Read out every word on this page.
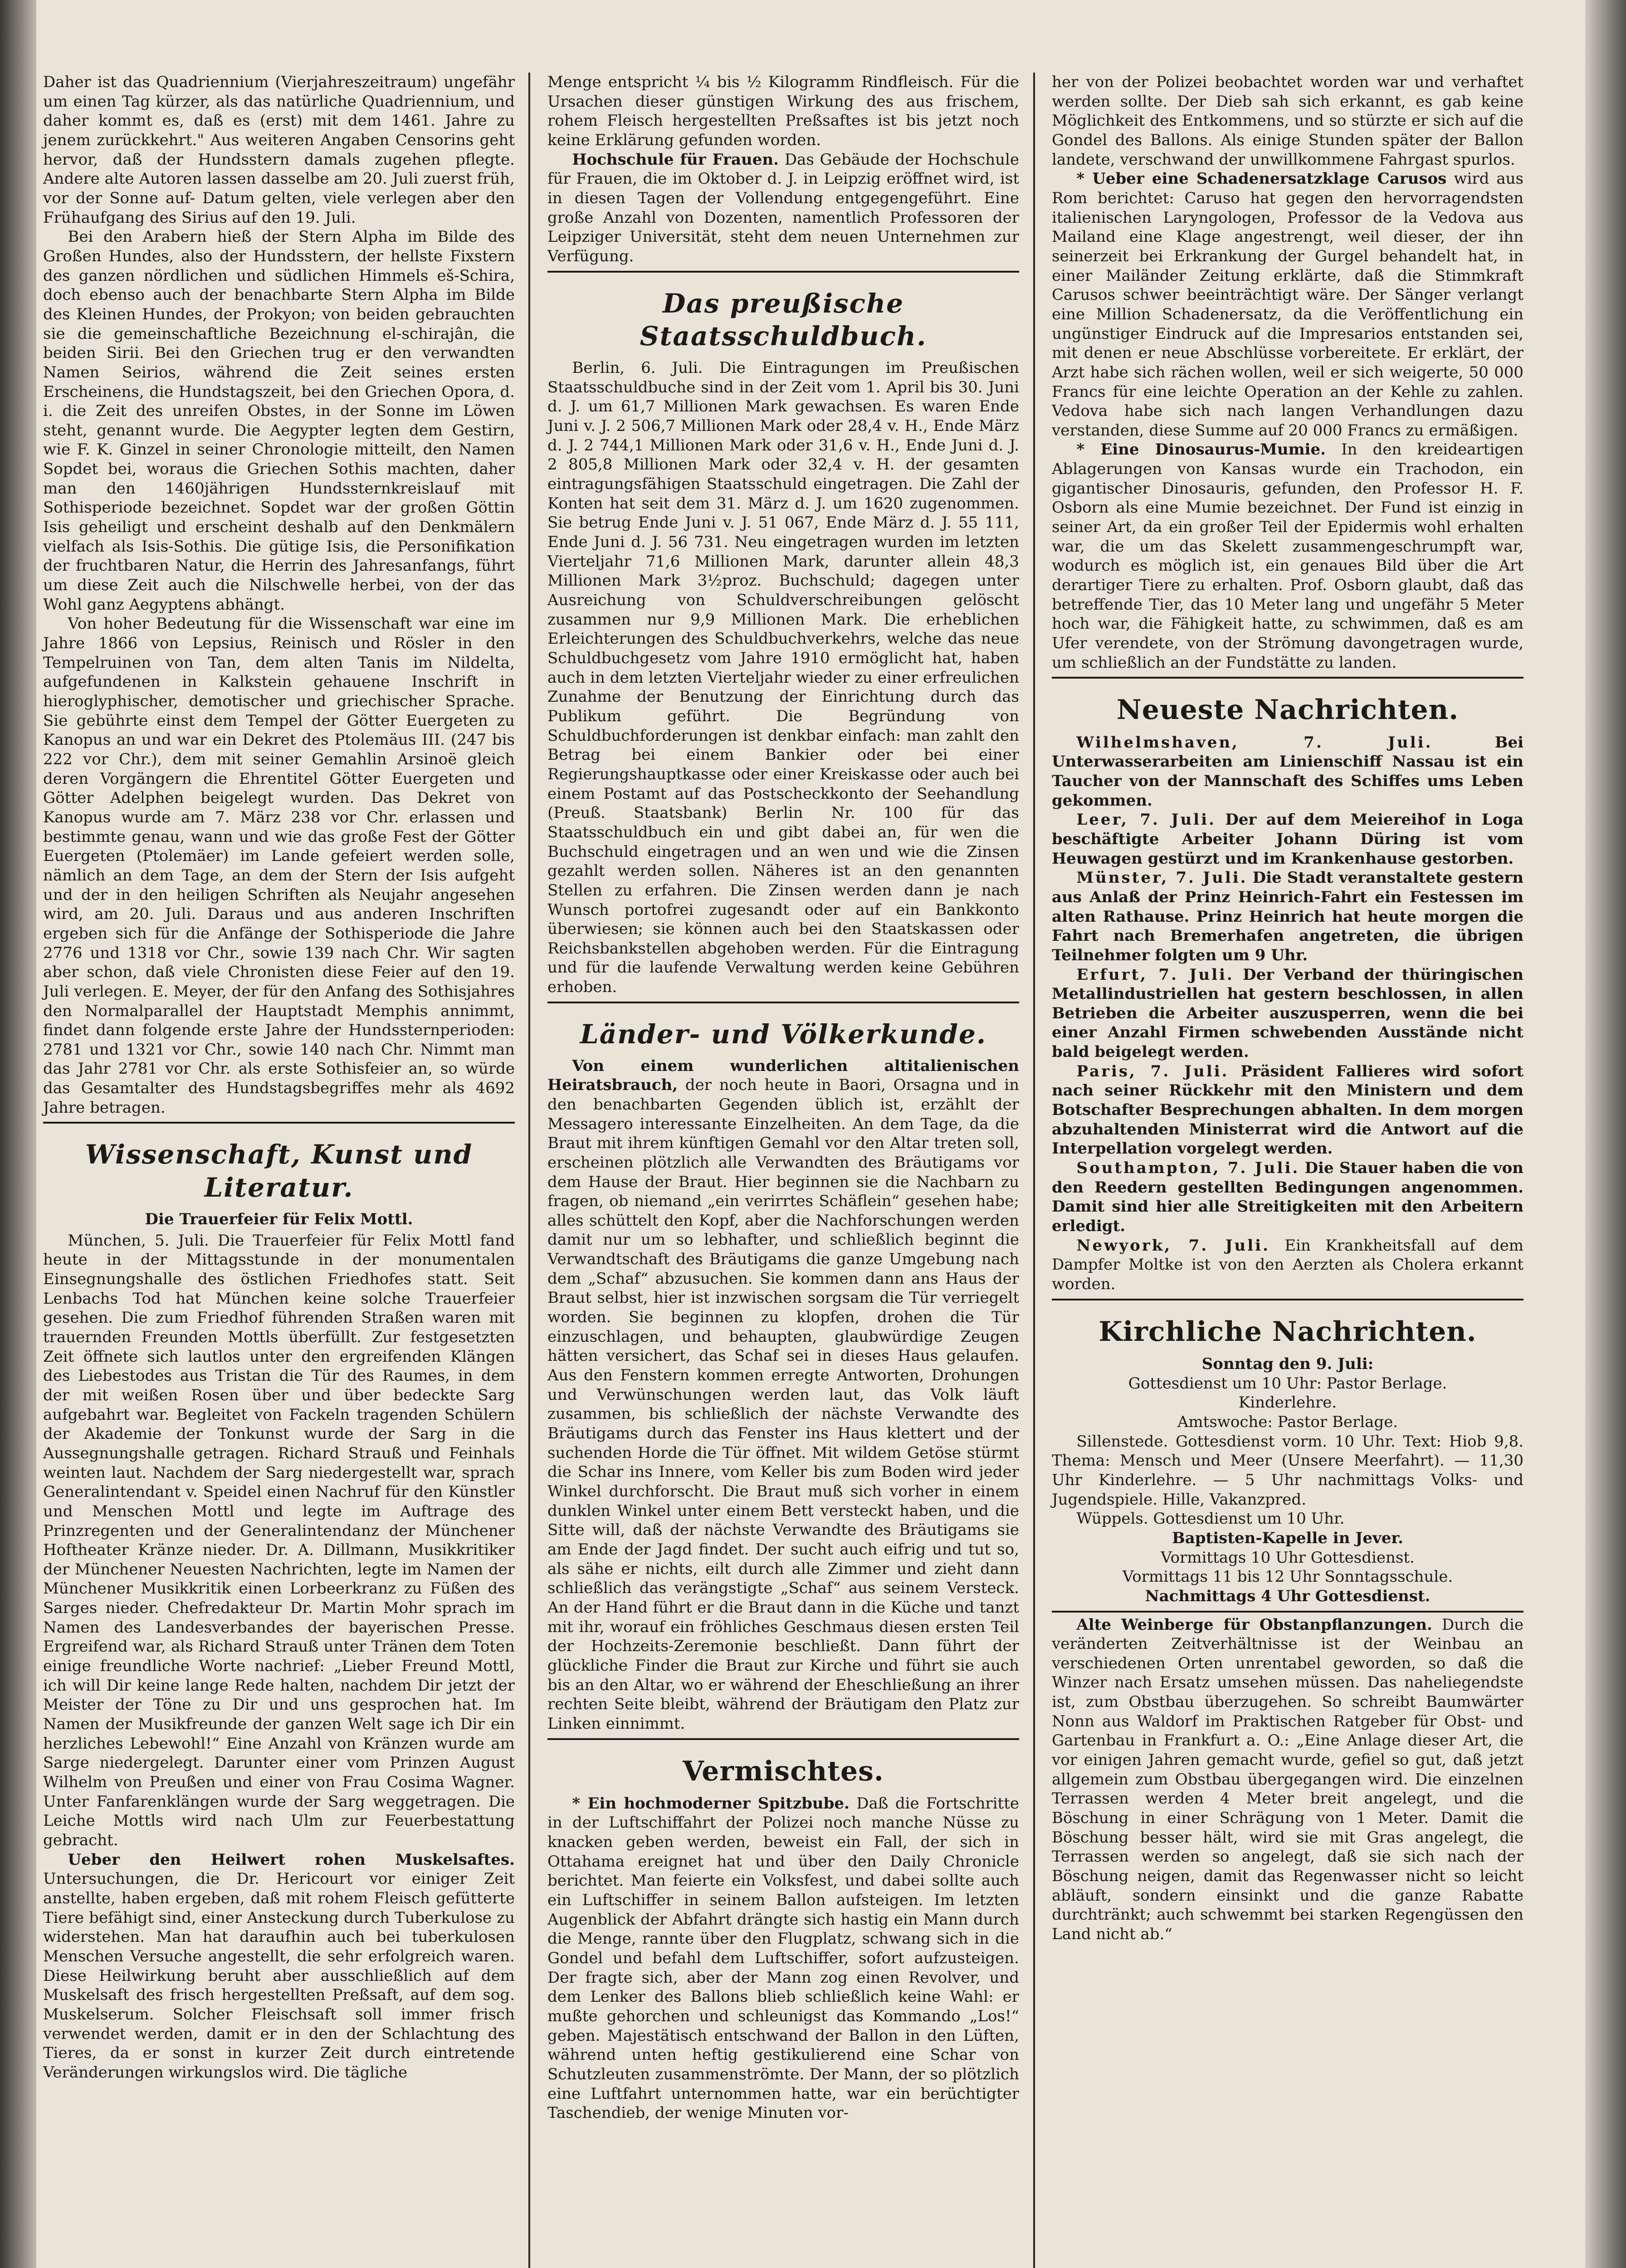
Daher ist das Quadriennium (Vierjahreszeitraum) ungefähr um einen Tag kürzer, als das natürliche Quadriennium, und daher kommt es, daß es (erst) mit dem 1461. Jahre zu jenem zurückkehrt." Aus weiteren Angaben Censorins geht hervor, daß der Hundsstern damals zugehen pflegte. Andere alte Autoren lassen dasselbe am 20. Juli zuerst früh, vor der Sonne auf- Datum gelten, viele verlegen aber den Frühaufgang des Sirius auf den 19. Juli.

Bei den Arabern hieß der Stern Alpha im Bilde des Großen Hundes, also der Hundsstern, der hellste Fixstern des ganzen nördlichen und südlichen Himmels eš-Schira, doch ebenso auch der benachbarte Stern Alpha im Bilde des Kleinen Hundes, der Prokyon; von beiden gebrauchten sie die gemeinschaftliche Bezeichnung el-schirajân, die beiden Sirii. Bei den Griechen trug er den verwandten Namen Seirios, während die Zeit seines ersten Erscheinens, die Hundstagszeit, bei den Griechen Opora, d. i. die Zeit des unreifen Obstes, in der Sonne im Löwen steht, genannt wurde. Die Aegypter legten dem Gestirn, wie F. K. Ginzel in seiner Chronologie mitteilt, den Namen Sopdet bei, woraus die Griechen Sothis machten, daher man den 1460jährigen Hundssternkreislauf mit Sothisperiode bezeichnet. Sopdet war der großen Göttin Isis geheiligt und erscheint deshalb auf den Denkmälern vielfach als Isis-Sothis. Die gütige Isis, die Personifikation der fruchtbaren Natur, die Herrin des Jahresanfangs, führt um diese Zeit auch die Nilschwelle herbei, von der das Wohl ganz Aegyptens abhängt.

Von hoher Bedeutung für die Wissenschaft war eine im Jahre 1866 von Lepsius, Reinisch und Rösler in den Tempelruinen von Tan, dem alten Tanis im Nildelta, aufgefundenen in Kalkstein gehauene Inschrift in hieroglyphischer, demotischer und griechischer Sprache. Sie gebührte einst dem Tempel der Götter Euergeten zu Kanopus an und war ein Dekret des Ptolemäus III. (247 bis 222 vor Chr.), dem mit seiner Gemahlin Arsinoë gleich deren Vorgängern die Ehrentitel Götter Euergeten und Götter Adelphen beigelegt wurden. Das Dekret von Kanopus wurde am 7. März 238 vor Chr. erlassen und bestimmte genau, wann und wie das große Fest der Götter Euergeten (Ptolemäer) im Lande gefeiert werden solle, nämlich an dem Tage, an dem der Stern der Isis aufgeht und der in den heiligen Schriften als Neujahr angesehen wird, am 20. Juli. Daraus und aus anderen Inschriften ergeben sich für die Anfänge der Sothisperiode die Jahre 2776 und 1318 vor Chr., sowie 139 nach Chr. Wir sagten aber schon, daß viele Chronisten diese Feier auf den 19. Juli verlegen. E. Meyer, der für den Anfang des Sothisjahres den Normalparallel der Hauptstadt Memphis annimmt, findet dann folgende erste Jahre der Hundssternperioden: 2781 und 1321 vor Chr., sowie 140 nach Chr. Nimmt man das Jahr 2781 vor Chr. als erste Sothisfeier an, so würde das Gesamtalter des Hundstagsbegriffes mehr als 4692 Jahre betragen.

Wissenschaft, Kunst und Literatur.
Die Trauerfeier für Felix Mottl.

München, 5. Juli. Die Trauerfeier für Felix Mottl fand heute in der Mittagsstunde in der monumentalen Einsegnungshalle des östlichen Friedhofes statt. Seit Lenbachs Tod hat München keine solche Trauerfeier gesehen. Die zum Friedhof führenden Straßen waren mit trauernden Freunden Mottls überfüllt. Zur festgesetzten Zeit öffnete sich lautlos unter den ergreifenden Klängen des Liebestodes aus Tristan die Tür des Raumes, in dem der mit weißen Rosen über und über bedeckte Sarg aufgebahrt war. Begleitet von Fackeln tragenden Schülern der Akademie der Tonkunst wurde der Sarg in die Aussegnungshalle getragen. Richard Strauß und Feinhals weinten laut. Nachdem der Sarg niedergestellt war, sprach Generalintendant v. Speidel einen Nachruf für den Künstler und Menschen Mottl und legte im Auftrage des Prinzregenten und der Generalintendanz der Münchener Hoftheater Kränze nieder. Dr. A. Dillmann, Musikkritiker der Münchener Neuesten Nachrichten, legte im Namen der Münchener Musikkritik einen Lorbeerkranz zu Füßen des Sarges nieder. Chefredakteur Dr. Martin Mohr sprach im Namen des Landesverbandes der bayerischen Presse. Ergreifend war, als Richard Strauß unter Tränen dem Toten einige freundliche Worte nachrief: „Lieber Freund Mottl, ich will Dir keine lange Rede halten, nachdem Dir jetzt der Meister der Töne zu Dir und uns gesprochen hat. Im Namen der Musikfreunde der ganzen Welt sage ich Dir ein herzliches Lebewohl!“ Eine Anzahl von Kränzen wurde am Sarge niedergelegt. Darunter einer vom Prinzen August Wilhelm von Preußen und einer von Frau Cosima Wagner. Unter Fanfarenklängen wurde der Sarg weggetragen. Die Leiche Mottls wird nach Ulm zur Feuerbestattung gebracht.

Ueber den Heilwert rohen Muskelsaftes. Untersuchungen, die Dr. Hericourt vor einiger Zeit anstellte, haben ergeben, daß mit rohem Fleisch gefütterte Tiere befähigt sind, einer Ansteckung durch Tuberkulose zu widerstehen. Man hat daraufhin auch bei tuberkulosen Menschen Versuche angestellt, die sehr erfolgreich waren. Diese Heilwirkung beruht aber ausschließlich auf dem Muskelsaft des frisch hergestellten Preßsaft, auf dem sog. Muskelserum. Solcher Fleischsaft soll immer frisch verwendet werden, damit er in den der Schlachtung des Tieres, da er sonst in kurzer Zeit durch eintretende Veränderungen wirkungslos wird. Die tägliche

Menge entspricht ¼ bis ½ Kilogramm Rindfleisch. Für die Ursachen dieser günstigen Wirkung des aus frischem, rohem Fleisch hergestellten Preßsaftes ist bis jetzt noch keine Erklärung gefunden worden.

Hochschule für Frauen. Das Gebäude der Hochschule für Frauen, die im Oktober d. J. in Leipzig eröffnet wird, ist in diesen Tagen der Vollendung entgegengeführt. Eine große Anzahl von Dozenten, namentlich Professoren der Leipziger Universität, steht dem neuen Unternehmen zur Verfügung.

Das preußische Staatsschuldbuch.

Berlin, 6. Juli. Die Eintragungen im Preußischen Staatsschuldbuche sind in der Zeit vom 1. April bis 30. Juni d. J. um 61,7 Millionen Mark gewachsen. Es waren Ende Juni v. J. 2 506,7 Millionen Mark oder 28,4 v. H., Ende März d. J. 2 744,1 Millionen Mark oder 31,6 v. H., Ende Juni d. J. 2 805,8 Millionen Mark oder 32,4 v. H. der gesamten eintragungsfähigen Staatsschuld eingetragen. Die Zahl der Konten hat seit dem 31. März d. J. um 1620 zugenommen. Sie betrug Ende Juni v. J. 51 067, Ende März d. J. 55 111, Ende Juni d. J. 56 731. Neu eingetragen wurden im letzten Vierteljahr 71,6 Millionen Mark, darunter allein 48,3 Millionen Mark 3½proz. Buchschuld; dagegen unter Ausreichung von Schuldverschreibungen gelöscht zusammen nur 9,9 Millionen Mark. Die erheblichen Erleichterungen des Schuldbuchverkehrs, welche das neue Schuldbuchgesetz vom Jahre 1910 ermöglicht hat, haben auch in dem letzten Vierteljahr wieder zu einer erfreulichen Zunahme der Benutzung der Einrichtung durch das Publikum geführt. Die Begründung von Schuldbuchforderungen ist denkbar einfach: man zahlt den Betrag bei einem Bankier oder bei einer Regierungshauptkasse oder einer Kreiskasse oder auch bei einem Postamt auf das Postscheckkonto der Seehandlung (Preuß. Staatsbank) Berlin Nr. 100 für das Staatsschuldbuch ein und gibt dabei an, für wen die Buchschuld eingetragen und an wen und wie die Zinsen gezahlt werden sollen. Näheres ist an den genannten Stellen zu erfahren. Die Zinsen werden dann je nach Wunsch portofrei zugesandt oder auf ein Bankkonto überwiesen; sie können auch bei den Staatskassen oder Reichsbankstellen abgehoben werden. Für die Eintragung und für die laufende Verwaltung werden keine Gebühren erhoben.

Länder- und Völkerkunde.

Von einem wunderlichen altitalienischen Heiratsbrauch, der noch heute in Baori, Orsagna und in den benachbarten Gegenden üblich ist, erzählt der Messagero interessante Einzelheiten. An dem Tage, da die Braut mit ihrem künftigen Gemahl vor den Altar treten soll, erscheinen plötzlich alle Verwandten des Bräutigams vor dem Hause der Braut. Hier beginnen sie die Nachbarn zu fragen, ob niemand „ein verirrtes Schäflein“ gesehen habe; alles schüttelt den Kopf, aber die Nachforschungen werden damit nur um so lebhafter, und schließlich beginnt die Verwandtschaft des Bräutigams die ganze Umgebung nach dem „Schaf“ abzusuchen. Sie kommen dann ans Haus der Braut selbst, hier ist inzwischen sorgsam die Tür verriegelt worden. Sie beginnen zu klopfen, drohen die Tür einzuschlagen, und behaupten, glaubwürdige Zeugen hätten versichert, das Schaf sei in dieses Haus gelaufen. Aus den Fenstern kommen erregte Antworten, Drohungen und Verwünschungen werden laut, das Volk läuft zusammen, bis schließlich der nächste Verwandte des Bräutigams durch das Fenster ins Haus klettert und der suchenden Horde die Tür öffnet. Mit wildem Getöse stürmt die Schar ins Innere, vom Keller bis zum Boden wird jeder Winkel durchforscht. Die Braut muß sich vorher in einem dunklen Winkel unter einem Bett versteckt haben, und die Sitte will, daß der nächste Verwandte des Bräutigams sie am Ende der Jagd findet. Der sucht auch eifrig und tut so, als sähe er nichts, eilt durch alle Zimmer und zieht dann schließlich das verängstigte „Schaf“ aus seinem Versteck. An der Hand führt er die Braut dann in die Küche und tanzt mit ihr, worauf ein fröhliches Geschmaus diesen ersten Teil der Hochzeits-Zeremonie beschließt. Dann führt der glückliche Finder die Braut zur Kirche und führt sie auch bis an den Altar, wo er während der Eheschließung an ihrer rechten Seite bleibt, während der Bräutigam den Platz zur Linken einnimmt.

Vermischtes.

* Ein hochmoderner Spitzbube. Daß die Fortschritte in der Luftschiffahrt der Polizei noch manche Nüsse zu knacken geben werden, beweist ein Fall, der sich in Ottahama ereignet hat und über den Daily Chronicle berichtet. Man feierte ein Volksfest, und dabei sollte auch ein Luftschiffer in seinem Ballon aufsteigen. Im letzten Augenblick der Abfahrt drängte sich hastig ein Mann durch die Menge, rannte über den Flugplatz, schwang sich in die Gondel und befahl dem Luftschiffer, sofort aufzusteigen. Der fragte sich, aber der Mann zog einen Revolver, und dem Lenker des Ballons blieb schließlich keine Wahl: er mußte gehorchen und schleunigst das Kommando „Los!“ geben. Majestätisch entschwand der Ballon in den Lüften, während unten heftig gestikulierend eine Schar von Schutzleuten zusammenströmte. Der Mann, der so plötzlich eine Luftfahrt unternommen hatte, war ein berüchtigter Taschendieb, der wenige Minuten vor-

her von der Polizei beobachtet worden war und verhaftet werden sollte. Der Dieb sah sich erkannt, es gab keine Möglichkeit des Entkommens, und so stürzte er sich auf die Gondel des Ballons. Als einige Stunden später der Ballon landete, verschwand der unwillkommene Fahrgast spurlos.

* Ueber eine Schadenersatzklage Carusos wird aus Rom berichtet: Caruso hat gegen den hervorragendsten italienischen Laryngologen, Professor de la Vedova aus Mailand eine Klage angestrengt, weil dieser, der ihn seinerzeit bei Erkrankung der Gurgel behandelt hat, in einer Mailänder Zeitung erklärte, daß die Stimmkraft Carusos schwer beeinträchtigt wäre. Der Sänger verlangt eine Million Schadenersatz, da die Veröffentlichung ein ungünstiger Eindruck auf die Impresarios entstanden sei, mit denen er neue Abschlüsse vorbereitete. Er erklärt, der Arzt habe sich rächen wollen, weil er sich weigerte, 50 000 Francs für eine leichte Operation an der Kehle zu zahlen. Vedova habe sich nach langen Verhandlungen dazu verstanden, diese Summe auf 20 000 Francs zu ermäßigen.

* Eine Dinosaurus-Mumie. In den kreideartigen Ablagerungen von Kansas wurde ein Trachodon, ein gigantischer Dinosauris, gefunden, den Professor H. F. Osborn als eine Mumie bezeichnet. Der Fund ist einzig in seiner Art, da ein großer Teil der Epidermis wohl erhalten war, die um das Skelett zusammengeschrumpft war, wodurch es möglich ist, ein genaues Bild über die Art derartiger Tiere zu erhalten. Prof. Osborn glaubt, daß das betreffende Tier, das 10 Meter lang und ungefähr 5 Meter hoch war, die Fähigkeit hatte, zu schwimmen, daß es am Ufer verendete, von der Strömung davongetragen wurde, um schließlich an der Fundstätte zu landen.

Neueste Nachrichten.

Wilhelmshaven, 7. Juli.	Bei Unterwasserarbeiten am Linienschiff Nassau ist ein Taucher von der Mannschaft des Schiffes ums Leben gekommen.

Leer, 7. Juli. Der auf dem Meiereihof in Loga beschäftigte Arbeiter Johann Düring ist vom Heuwagen gestürzt und im Krankenhause gestorben.

Münster, 7. Juli. Die Stadt veranstaltete gestern aus Anlaß der Prinz Heinrich-Fahrt ein Festessen im alten Rathause. Prinz Heinrich hat heute morgen die Fahrt nach Bremerhafen angetreten, die übrigen Teilnehmer folgten um 9 Uhr.

Erfurt, 7. Juli. Der Verband der thüringischen Metallindustriellen hat gestern beschlossen, in allen Betrieben die Arbeiter auszusperren, wenn die bei einer Anzahl Firmen schwebenden Ausstände nicht bald beigelegt werden.

Paris, 7. Juli. Präsident Fallieres wird sofort nach seiner Rückkehr mit den Ministern und dem Botschafter Besprechungen abhalten. In dem morgen abzuhaltenden Ministerrat wird die Antwort auf die Interpellation vorgelegt werden.

Southampton, 7. Juli. Die Stauer haben die von den Reedern gestellten Bedingungen angenommen. Damit sind hier alle Streitigkeiten mit den Arbeitern erledigt.

Newyork, 7. Juli. Ein Krankheitsfall auf dem Dampfer Moltke ist von den Aerzten als Cholera erkannt worden.

Kirchliche Nachrichten.

Sonntag den 9. Juli:

Gottesdienst um 10 Uhr: Pastor Berlage.

Kinderlehre.

Amtswoche: Pastor Berlage.

Sillenstede. Gottesdienst vorm. 10 Uhr. Text: Hiob 9,8. Thema: Mensch und Meer (Unsere Meerfahrt). — 11,30 Uhr Kinderlehre. — 5 Uhr nachmittags Volks- und Jugendspiele. Hille, Vakanzpred.

Wüppels. Gottesdienst um 10 Uhr.

Baptisten-Kapelle in Jever.

Vormittags 10 Uhr Gottesdienst.

Vormittags 11 bis 12 Uhr Sonntagsschule.

Nachmittags 4 Uhr Gottesdienst.

Alte Weinberge für Obstanpflanzungen. Durch die veränderten Zeitverhältnisse ist der Weinbau an verschiedenen Orten unrentabel geworden, so daß die Winzer nach Ersatz umsehen müssen. Das naheliegendste ist, zum Obstbau überzugehen. So schreibt Baumwärter Nonn aus Waldorf im Praktischen Ratgeber für Obst- und Gartenbau in Frankfurt a. O.: „Eine Anlage dieser Art, die vor einigen Jahren gemacht wurde, gefiel so gut, daß jetzt allgemein zum Obstbau übergegangen wird. Die einzelnen Terrassen werden 4 Meter breit angelegt, und die Böschung in einer Schrägung von 1 Meter. Damit die Böschung besser hält, wird sie mit Gras angelegt, die Terrassen werden so angelegt, daß sie sich nach der Böschung neigen, damit das Regenwasser nicht so leicht abläuft, sondern einsinkt und die ganze Rabatte durchtränkt; auch schwemmt bei starken Regengüssen den Land nicht ab.“
